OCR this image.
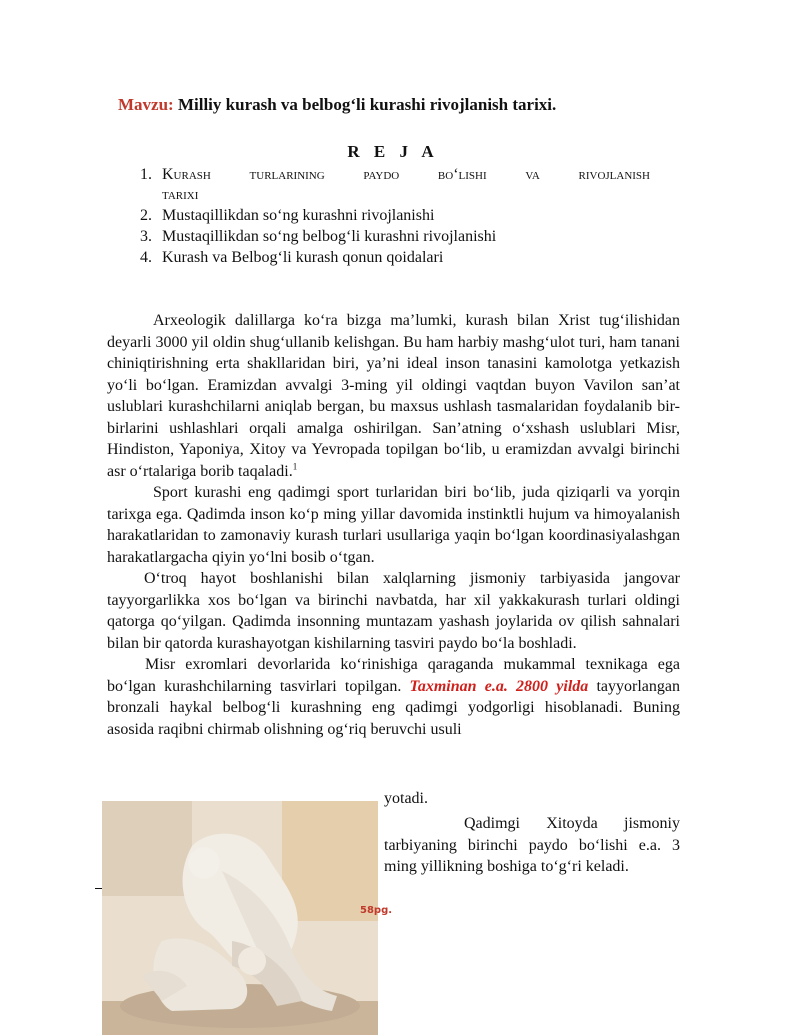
Mavzu: Milliy kurash va belbog‘li kurashi rivojlanish tarixi.
R E J A
1. Kurash turlarining paydo bo‘lishi va rivojlanish
tarixi
2. Mustaqillikdan so‘ng kurashni rivojlanishi
3. Mustaqillikdan so‘ng belbog‘li kurashni rivojlanishi
4. Kurash va Belbog‘li kurash qonun qoidalari

Arxeologik dalillarga ko‘ra bizga ma’lumki, kurash bilan Xrist tug‘ilishidan deyarli 3000 yil oldin shug‘ullanib kelishgan. Bu ham harbiy mashg‘ulot turi, ham tanani chiniqtirishning erta shakllaridan biri, ya’ni ideal inson tanasini kamolotga yetkazish yo‘li bo‘lgan. Eramizdan avvalgi 3-ming yil oldingi vaqtdan buyon Vavilon san’at uslublari kurashchilarni aniqlab bergan, bu maxsus ushlash tasmalaridan foydalanib bir-birlarini ushlashlari orqali amalga oshirilgan. San’atning o‘xshash uslublari Misr, Hindiston, Yaponiya, Xitoy va Yevropada topilgan bo‘lib, u eramizdan avvalgi birinchi asr o‘rtalariga borib taqaladi.$^1$

Sport kurashi eng qadimgi sport turlaridan biri bo‘lib, juda qiziqarli va yorqin tarixga ega. Qadimda inson ko‘p ming yillar davomida instinktli hujum va himoyalanish harakatlaridan to zamonaviy kurash turlari usullariga yaqin bo‘lgan koordinasiyalashgan harakatlargacha qiyin yo‘lni bosib o‘tgan.

O‘troq hayot boshlanishi bilan xalqlarning jismoniy tarbiyasida jangovar tayyorgarlikka xos bo‘lgan va birinchi navbatda, har xil yakkakurash turlari oldingi qatorga qo‘yilgan. Qadimda insonning muntazam yashash joylarida ov qilish sahnalari bilan bir qatorda kurashayotgan kishilarning tasviri paydo bo‘la boshladi.

Misr exromlari devorlarida ko‘rinishiga qaraganda mukammal texnikaga ega bo‘lgan kurashchilarning tasvirlari topilgan. Taxminan e.a. 2800 yilda tayyorlangan bronzali haykal belbog‘li kurashning eng qadimgi yodgorligi hisoblanadi. Buning asosida raqibni chirmab olishning og‘riq beruvchi usuli

yotadi.

Qadimgi Xitoyda jismoniy tarbiyaning birinchi paydo bo‘lishi e.a. 3 ming yillikning boshiga to‘g‘ri keladi.

58pg.
